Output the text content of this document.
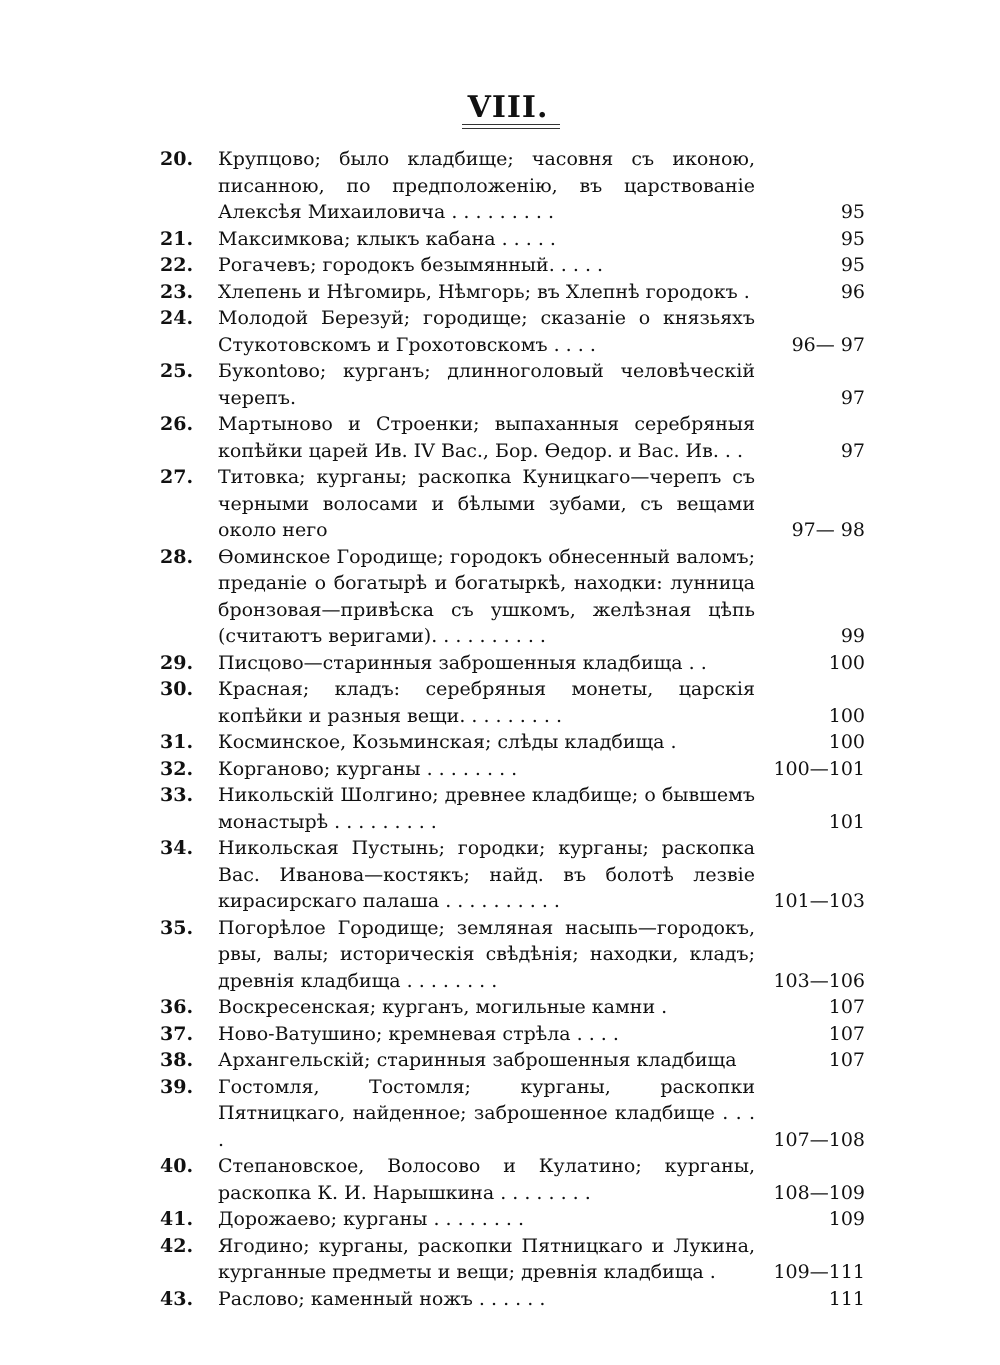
VIII.
20.	Крупцово; было кладбище; часовня съ иконою, писанною, по предположенію, въ царствованіе Алексѣя Михаиловича . . . . . . . . .	95
21.	Максимкова; клыкъ кабана . . . . .	95
22.	Рогачевъ; городокъ безымянный. . . . .	95
23.	Хлепень и Нѣгомирь, Нѣмгорь; въ Хлепнѣ городокъ .	96
24.	Молодой Березуй; городище; сказаніе о князьяхъ Стукотовскомъ и Грохотовскомъ . . . .	96— 97
25.	Букontово; курганъ; длинноголовый человѣческій черепъ.	97
26.	Мартыново и Строенки; выпаханныя серебряныя копѣйки царей Ив. IV Вас., Бор. Ѳедор. и Вас. Ив. . .	97
27.	Титовка; курганы; раскопка Куницкаго—черепъ съ черными волосами и бѣлыми зубами, съ вещами около него	97— 98
28.	Ѳоминское Городище; городокъ обнесенный валомъ; преданіе о богатырѣ и богатыркѣ, находки: лунница бронзовая—привѣска съ ушкомъ, желѣзная цѣпь (считаютъ веригами). . . . . . . . . .	99
29.	Писцово—старинныя заброшенныя кладбища . .	100
30.	Красная; кладъ: серебряныя монеты, царскія копѣйки и разныя вещи. . . . . . . . .	100
31.	Косминское, Козьминская; слѣды кладбища .	100
32.	Корганово; курганы . . . . . . . .	100—101
33.	Никольскій Шолгино; древнее кладбище; о бывшемъ монастырѣ . . . . . . . . .	101
34.	Никольская Пустынь; городки; курганы; раскопка Вас. Иванова—костякъ; найд. въ болотѣ лезвіе кирасирскаго палаша . . . . . . . . . .	101—103
35.	Погорѣлое Городище; земляная насыпь—городокъ, рвы, валы; историческія свѣдѣнія; находки, кладъ; древнія кладбища . . . . . . . .	103—106
36.	Воскресенская; курганъ, могильные камни .	107
37.	Ново-Ватушино; кремневая стрѣла . . . .	107
38.	Архангельскій; старинныя заброшенныя кладбища	107
39.	Гостомля, Тостомля; курганы, раскопки Пятницкаго, найденное; заброшенное кладбище . . . .	107—108
40.	Степановское, Волосово и Кулатино; курганы, раскопка К. И. Нарышкина . . . . . . . .	108—109
41.	Дорожаево; курганы . . . . . . . .	109
42.	Ягодино; курганы, раскопки Пятницкаго и Лукина, курганные предметы и вещи; древнія кладбища .	109—111
43.	Раслово; каменный ножъ . . . . . .	111
